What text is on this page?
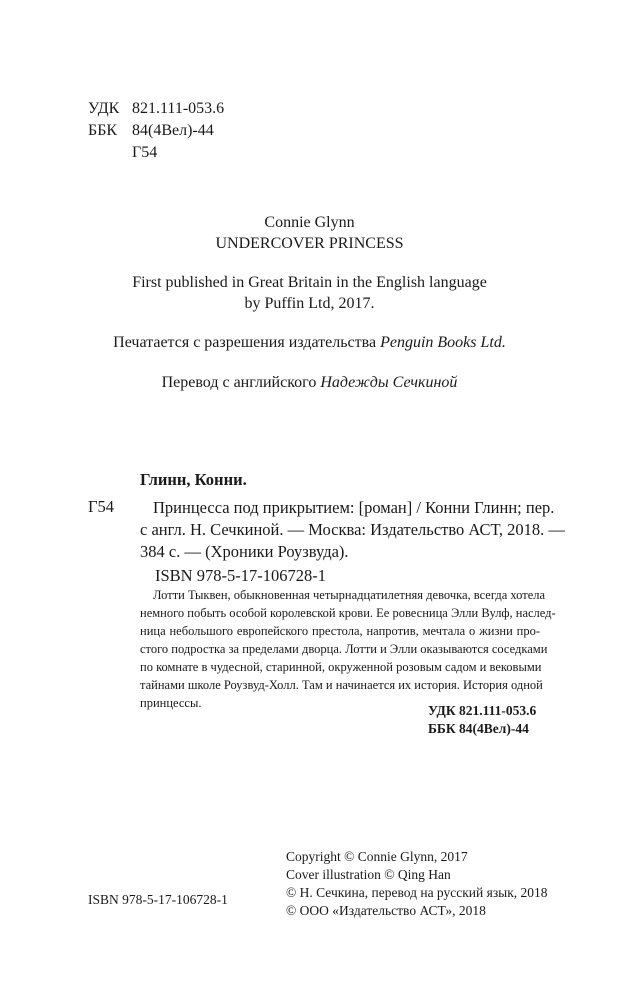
УДК 821.111-053.6
ББК 84(4Вел)-44
Г54
Connie Glynn
UNDERCOVER PRINCESS
First published in Great Britain in the English language
by Puffin Ltd, 2017.
Печатается с разрешения издательства Penguin Books Ltd.
Перевод с английского Надежды Сечкиной
Глинн, Конни.
Г54	Принцесса под прикрытием: [роман] / Конни Глинн; пер.
с англ. Н. Сечкиной. — Москва: Издательство АСТ, 2018. —
384 с. — (Хроники Роузвуда).
ISBN 978-5-17-106728-1
Лотти Тыквен, обыкновенная четырнадцатилетняя девочка, всегда хотела
немного побыть особой королевской крови. Ее ровесница Элли Вулф, наслед-
ница небольшого европейского престола, напротив, мечтала о жизни про-
стого подростка за пределами дворца. Лотти и Элли оказываются соседками
по комнате в чудесной, старинной, окруженной розовым садом и вековыми
тайнами школе Роузвуд-Холл. Там и начинается их история. История одной
принцессы.	УДК 821.111-053.6
ББК 84(4Вел)-44
Copyright © Connie Glynn, 2017
Cover illustration © Qing Han
© Н. Сечкина, перевод на русский язык, 2018
© ООО «Издательство АСТ», 2018
ISBN 978-5-17-106728-1
